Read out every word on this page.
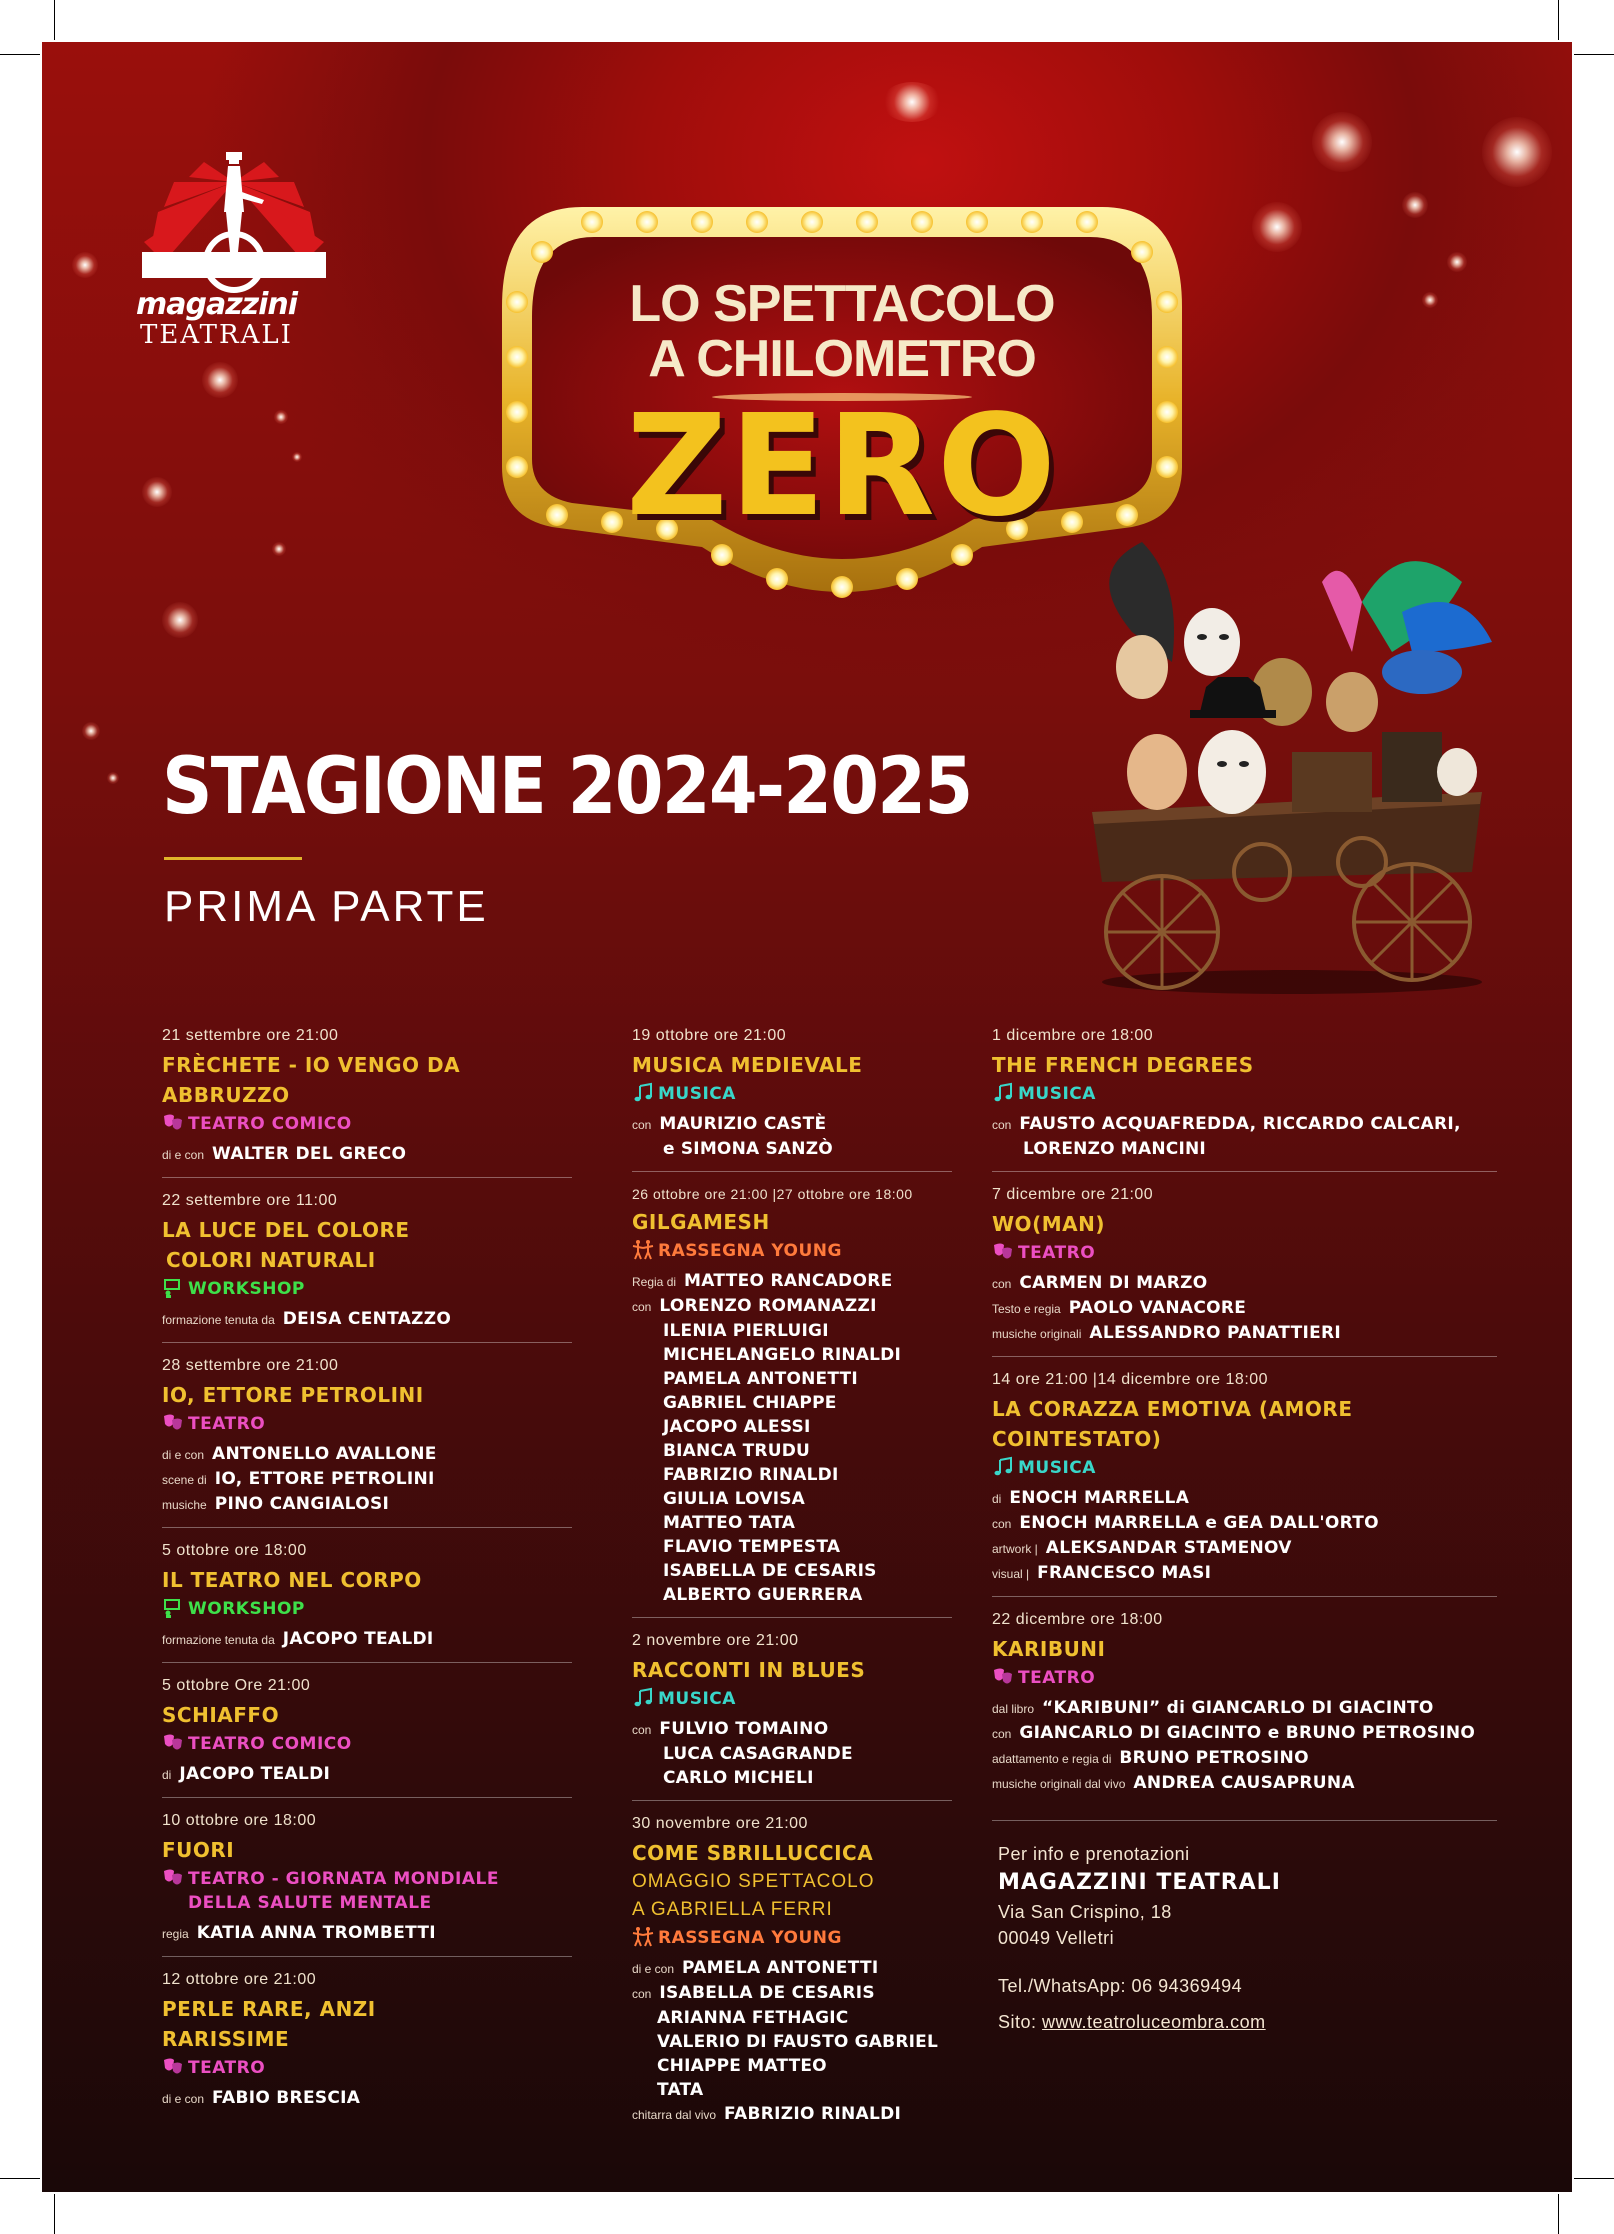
magazzini
TEATRALI
LO SPETTACOLO
A CHILOMETRO
ZERO
STAGIONE 2024-2025
PRIMA PARTE
21 settembre ore 21:00
FRÈCHETE - IO VENGO DA
ABBRUZZO
TEATRO COMICO
di e con WALTER DEL GRECO
22 settembre ore 11:00
LA LUCE DEL COLORE
COLORI NATURALI
WORKSHOP
formazione tenuta da DEISA CENTAZZO
28 settembre ore 21:00
IO, ETTORE PETROLINI
TEATRO
di e con ANTONELLO AVALLONE
scene di IO, ETTORE PETROLINI
musiche PINO CANGIALOSI
5 ottobre ore 18:00
IL TEATRO NEL CORPO
WORKSHOP
formazione tenuta da JACOPO TEALDI
5 ottobre Ore 21:00
SCHIAFFO
TEATRO COMICO
di JACOPO TEALDI
10 ottobre ore 18:00
FUORI
TEATRO - GIORNATA MONDIALE
DELLA SALUTE MENTALE
regia KATIA ANNA TROMBETTI
12 ottobre ore 21:00
PERLE RARE, ANZI
RARISSIME
TEATRO
di e con FABIO BRESCIA
19 ottobre ore 21:00
MUSICA MEDIEVALE
MUSICA
con MAURIZIO CASTÈ
e SIMONA SANZÒ
26 ottobre ore 21:00 |27 ottobre ore 18:00
GILGAMESH
RASSEGNA YOUNG
Regia di MATTEO RANCADORE
con LORENZO ROMANAZZI
ILENIA PIERLUIGI
MICHELANGELO RINALDI
PAMELA ANTONETTI
GABRIEL CHIAPPE
JACOPO ALESSI
BIANCA TRUDU
FABRIZIO RINALDI
GIULIA LOVISA
MATTEO TATA
FLAVIO TEMPESTA
ISABELLA DE CESARIS
ALBERTO GUERRERA
2 novembre ore 21:00
RACCONTI IN BLUES
MUSICA
con FULVIO TOMAINO
LUCA CASAGRANDE
CARLO MICHELI
30 novembre ore 21:00
COME SBRILLUCCICA
OMAGGIO SPETTACOLO
A GABRIELLA FERRI
RASSEGNA YOUNG
di e con PAMELA ANTONETTI
con ISABELLA DE CESARIS
ARIANNA FETHAGIC
VALERIO DI FAUSTO GABRIEL
CHIAPPE MATTEO
TATA
chitarra dal vivo FABRIZIO RINALDI
1 dicembre ore 18:00
THE FRENCH DEGREES
MUSICA
con FAUSTO ACQUAFREDDA, RICCARDO CALCARI,
LORENZO MANCINI
7 dicembre ore 21:00
WO(MAN)
TEATRO
con CARMEN DI MARZO
Testo e regia PAOLO VANACORE
musiche originali ALESSANDRO PANATTIERI
14 ore 21:00 |14 dicembre ore 18:00
LA CORAZZA EMOTIVA (AMORE
COINTESTATO)
MUSICA
di ENOCH MARRELLA
con ENOCH MARRELLA e GEA DALL'ORTO
artwork | ALEKSANDAR STAMENOV
visual | FRANCESCO MASI
22 dicembre ore 18:00
KARIBUNI
TEATRO
dal libro “KARIBUNI” di GIANCARLO DI GIACINTO
con GIANCARLO DI GIACINTO e BRUNO PETROSINO
adattamento e regia di BRUNO PETROSINO
musiche originali dal vivo ANDREA CAUSAPRUNA
Per info e prenotazioni
MAGAZZINI TEATRALI
Via San Crispino, 18
00049 Velletri
Tel./WhatsApp: 06 94369494
Sito: www.teatroluceombra.com
